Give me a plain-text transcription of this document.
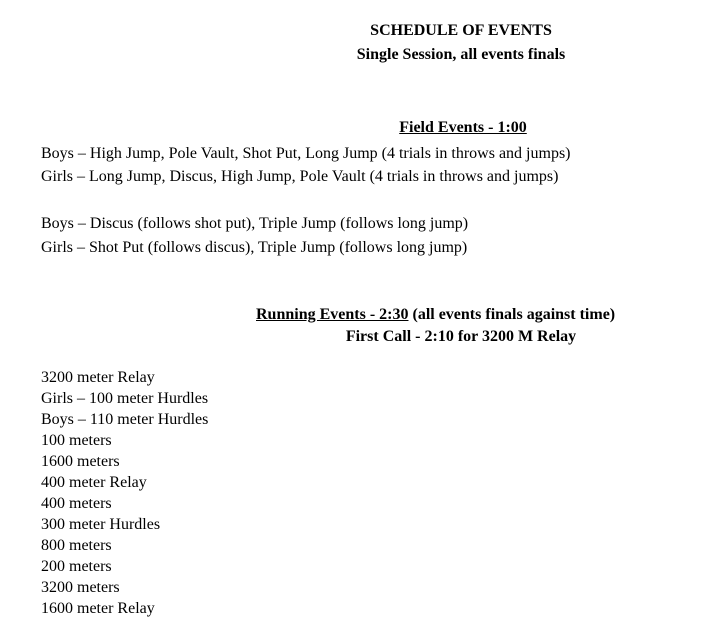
SCHEDULE OF EVENTS
Single Session, all events finals
Field Events - 1:00
Boys – High Jump, Pole Vault, Shot Put, Long Jump (4 trials in throws and jumps)
Girls – Long Jump, Discus, High Jump, Pole Vault (4 trials in throws and jumps)
Boys – Discus (follows shot put), Triple Jump (follows long jump)
Girls – Shot Put (follows discus), Triple Jump (follows long jump)
Running Events - 2:30 (all events finals against time)
First Call - 2:10 for 3200 M Relay
3200 meter Relay
Girls – 100 meter Hurdles
Boys – 110 meter Hurdles
100 meters
1600 meters
400 meter Relay
400 meters
300 meter Hurdles
800 meters
200 meters
3200 meters
1600 meter Relay
